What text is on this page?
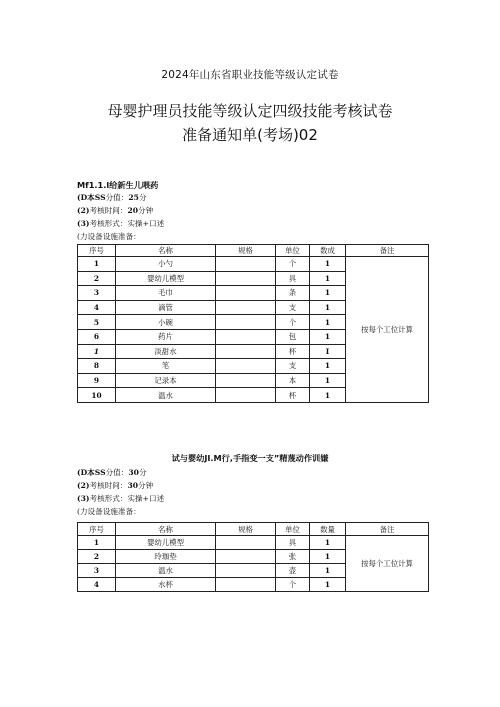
2024年山东省职业技能等级认定试卷
母婴护理员技能等级认定四级技能考核试卷
准备通知单(考场)02
Mf1.1.l给新生儿喂药
(D本SS分值：25分
(2)考核时间：20分钟
(3)考核形式：实操+口述
(力设备设施准备：
序号	名称	规格	单位	数成	备注
1	小勺		个	1	按每个工位计算
2	婴幼儿模型		具	1	
3	毛巾		条	1	
4	滴管		支	1	
5	小碗		个	1	
6	药片		包	1	
1	淡甜水		杯	I	
8	笔		支	1	
9	记录本		本	1	
10	温水		杯	1	
试与婴幼JI.M行,手指变一支”精蔑动作训嫌
(D本SS分值：30分
(2)考核时间：30分钟
(3)考核形式：实操+口述
(力设备设施准备：
序号	名称	规格	单位	数量	备注
1	婴幼儿模型		具	1	按每个工位计算
2	玲珈垫		张	1	
3	温水		壶	1	
4	水杯		个	1	
